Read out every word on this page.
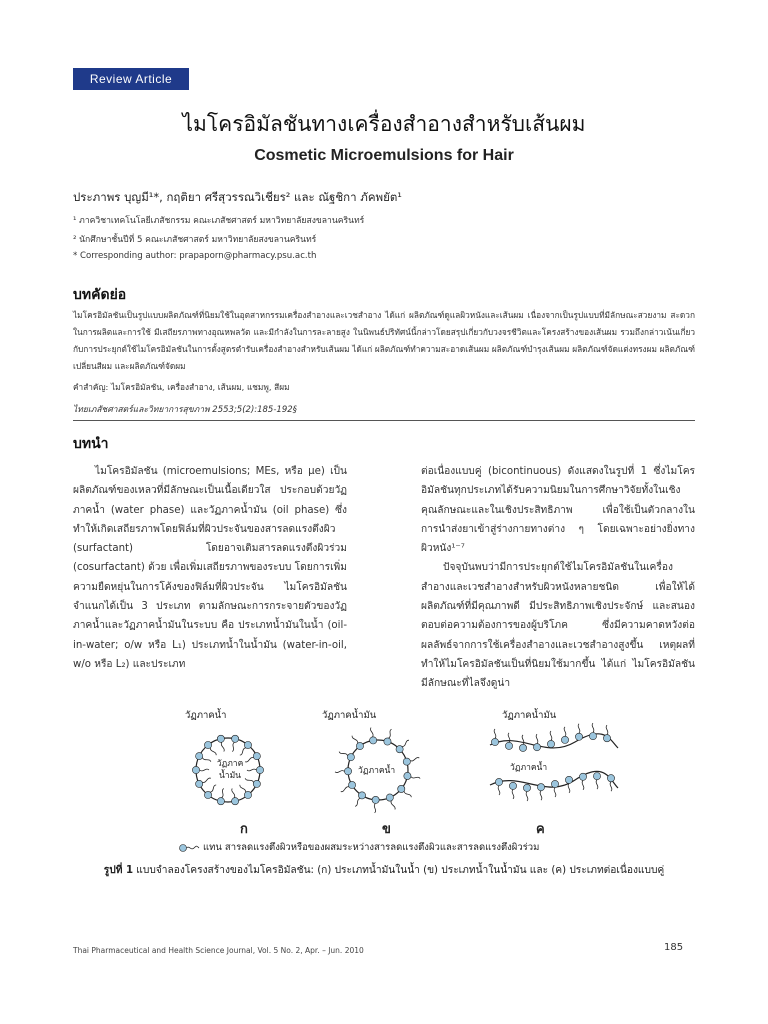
Review Article
ไมโครอิมัลชันทางเครื่องสำอางสำหรับเส้นผม
Cosmetic Microemulsions for Hair
ประภาพร บุญมี¹*, กฤติยา ศรีสุวรรณวิเชียร² และ ณัฐชิกา ภัคพยัต¹
¹ ภาควิชาเทคโนโลยีเภสัชกรรม คณะเภสัชศาสตร์ มหาวิทยาลัยสงขลานครินทร์
² นักศึกษาชั้นปีที่ 5 คณะเภสัชศาสตร์ มหาวิทยาลัยสงขลานครินทร์
* Corresponding author: prapaporn@pharmacy.psu.ac.th
บทคัดย่อ
ไมโครอิมัลชันเป็นรูปแบบผลิตภัณฑ์ที่นิยมใช้ในอุตสาหกรรมเครื่องสำอางและเวชสำอาง ได้แก่ ผลิตภัณฑ์ดูแลผิวหนังและเส้นผม เนื่องจากเป็นรูปแบบที่มีลักษณะสวยงาม สะดวกในการผลิตและการใช้ มีเสถียรภาพทางอุณหพลวัต และมีกำลังในการละลายสูง ในนิพนธ์ปริทัศน์นี้กล่าวโดยสรุปเกี่ยวกับวงจรชีวิตและโครงสร้างของเส้นผม รวมถึงกล่าวเน้นเกี่ยวกับการประยุกต์ใช้ไมโครอิมัลชันในการตั้งสูตรตำรับเครื่องสำอางสำหรับเส้นผม ได้แก่ ผลิตภัณฑ์ทำความสะอาดเส้นผม ผลิตภัณฑ์บำรุงเส้นผม ผลิตภัณฑ์จัดแต่งทรงผม ผลิตภัณฑ์เปลี่ยนสีผม และผลิตภัณฑ์จัดผม
คำสำคัญ: ไมโครอิมัลชัน, เครื่องสำอาง, เส้นผม, แชมพู, สีผม
ไทยเภสัชศาสตร์และวิทยาการสุขภาพ 2553;5(2):185-192§
บทนำ

ไมโครอิมัลชัน (microemulsions; MEs, หรือ μe) เป็นผลิตภัณฑ์ของเหลวที่มีลักษณะเป็นเนื้อเดียวใส ประกอบด้วยวัฏภาคน้ำ (water phase) และวัฏภาคน้ำมัน (oil phase) ซึ่งทำให้เกิดเสถียรภาพโดยฟิล์มที่ผิวประจันของสารลดแรงตึงผิว (surfactant) โดยอาจเติมสารลดแรงตึงผิวร่วม (cosurfactant) ด้วย เพื่อเพิ่มเสถียรภาพของระบบ โดยการเพิ่มความยืดหยุ่นในการโค้งของฟิล์มที่ผิวประจัน ไมโครอิมัลชันจำแนกได้เป็น 3 ประเภท ตามลักษณะการกระจายตัวของวัฏภาคน้ำและวัฏภาคน้ำมันในระบบ คือ ประเภทน้ำมันในน้ำ (oil-in-water; o/w หรือ L₁) ประเภทน้ำในน้ำมัน (water-in-oil, w/o หรือ L₂) และประเภท

ต่อเนื่องแบบคู่ (bicontinuous) ดังแสดงในรูปที่ 1 ซึ่งไมโครอิมัลชันทุกประเภทได้รับความนิยมในการศึกษาวิจัยทั้งในเชิงคุณลักษณะและในเชิงประสิทธิภาพ เพื่อใช้เป็นตัวกลางในการนำส่งยาเข้าสู่ร่างกายทางต่าง ๆ โดยเฉพาะอย่างยิ่งทางผิวหนัง¹⁻⁷

ปัจจุบันพบว่ามีการประยุกต์ใช้ไมโครอิมัลชันในเครื่องสำอางและเวชสำอางสำหรับผิวหนังหลายชนิด เพื่อให้ได้ผลิตภัณฑ์ที่มีคุณภาพดี มีประสิทธิภาพเชิงประจักษ์ และสนองตอบต่อความต้องการของผู้บริโภค ซึ่งมีความคาดหวังต่อผลลัพธ์จากการใช้เครื่องสำอางและเวชสำอางสูงขึ้น เหตุผลที่ทำให้ไมโครอิมัลชันเป็นที่นิยมใช้มากขึ้น ได้แก่ ไมโครอิมัลชันมีลักษณะที่ไลจึงดูน่า

วัฏภาคน้ำ
วัฏภาค
น้ำมัน
วัฏภาคน้ำมัน
วัฏภาคน้ำ
วัฏภาคน้ำมัน
วัฏภาคน้ำ
ก	ข	ค
แทน สารลดแรงตึงผิวหรือของผสมระหว่างสารลดแรงตึงผิวและสารลดแรงตึงผิวร่วม
รูปที่ 1 แบบจำลองโครงสร้างของไมโครอิมัลชัน: (ก) ประเภทน้ำมันในน้ำ (ข) ประเภทน้ำในน้ำมัน และ (ค) ประเภทต่อเนื่องแบบคู่
Thai Pharmaceutical and Health Science Journal, Vol. 5 No. 2, Apr. – Jun. 2010	185
